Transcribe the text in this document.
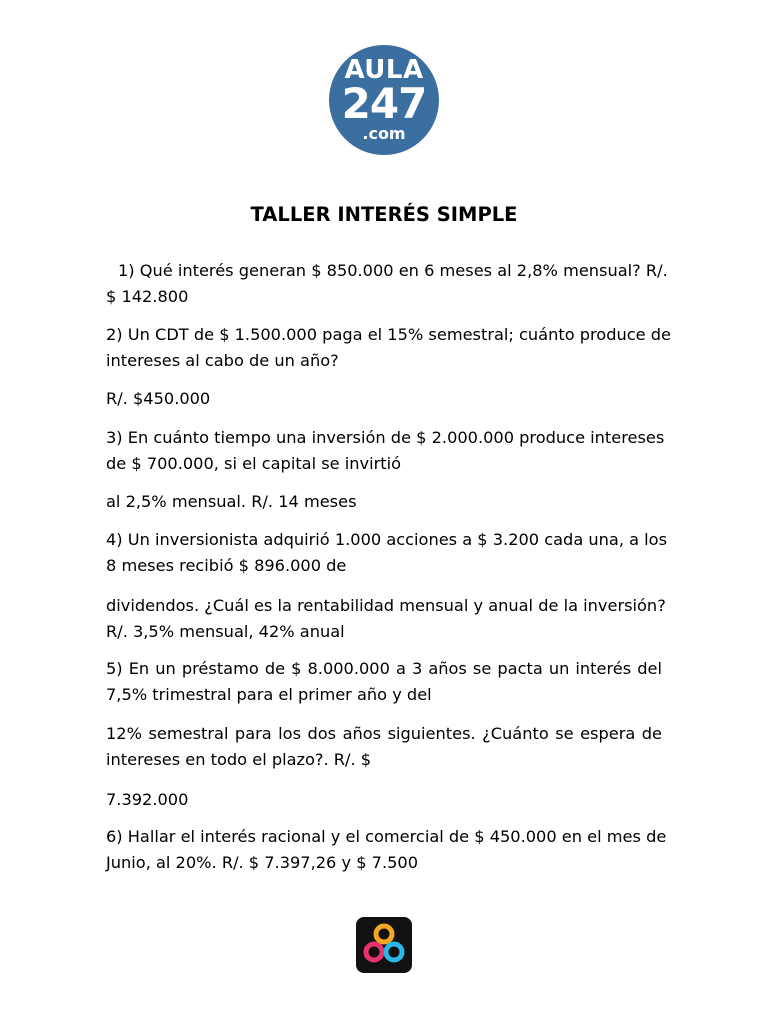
AULA
247
.com
TALLER INTERÉS SIMPLE
1) Qué interés generan $ 850.000 en 6 meses al 2,8% mensual? R/.
$ 142.800
2) Un CDT de $ 1.500.000 paga el 15% semestral; cuánto produce de
intereses al cabo de un año?
R/. $450.000
3) En cuánto tiempo una inversión de $ 2.000.000 produce intereses
de $ 700.000, si el capital se invirtió
al 2,5% mensual. R/. 14 meses
4) Un inversionista adquirió 1.000 acciones a $ 3.200 cada una, a los
8 meses recibió $ 896.000 de
dividendos. ¿Cuál es la rentabilidad mensual y anual de la inversión?
R/. 3,5% mensual, 42% anual
5) En un préstamo de $ 8.000.000 a 3 años se pacta un interés del
7,5% trimestral para el primer año y del
12% semestral para los dos años siguientes. ¿Cuánto se espera de
intereses en todo el plazo?. R/. $
7.392.000
6) Hallar el interés racional y el comercial de $ 450.000 en el mes de
Junio, al 20%. R/. $ 7.397,26 y $ 7.500
